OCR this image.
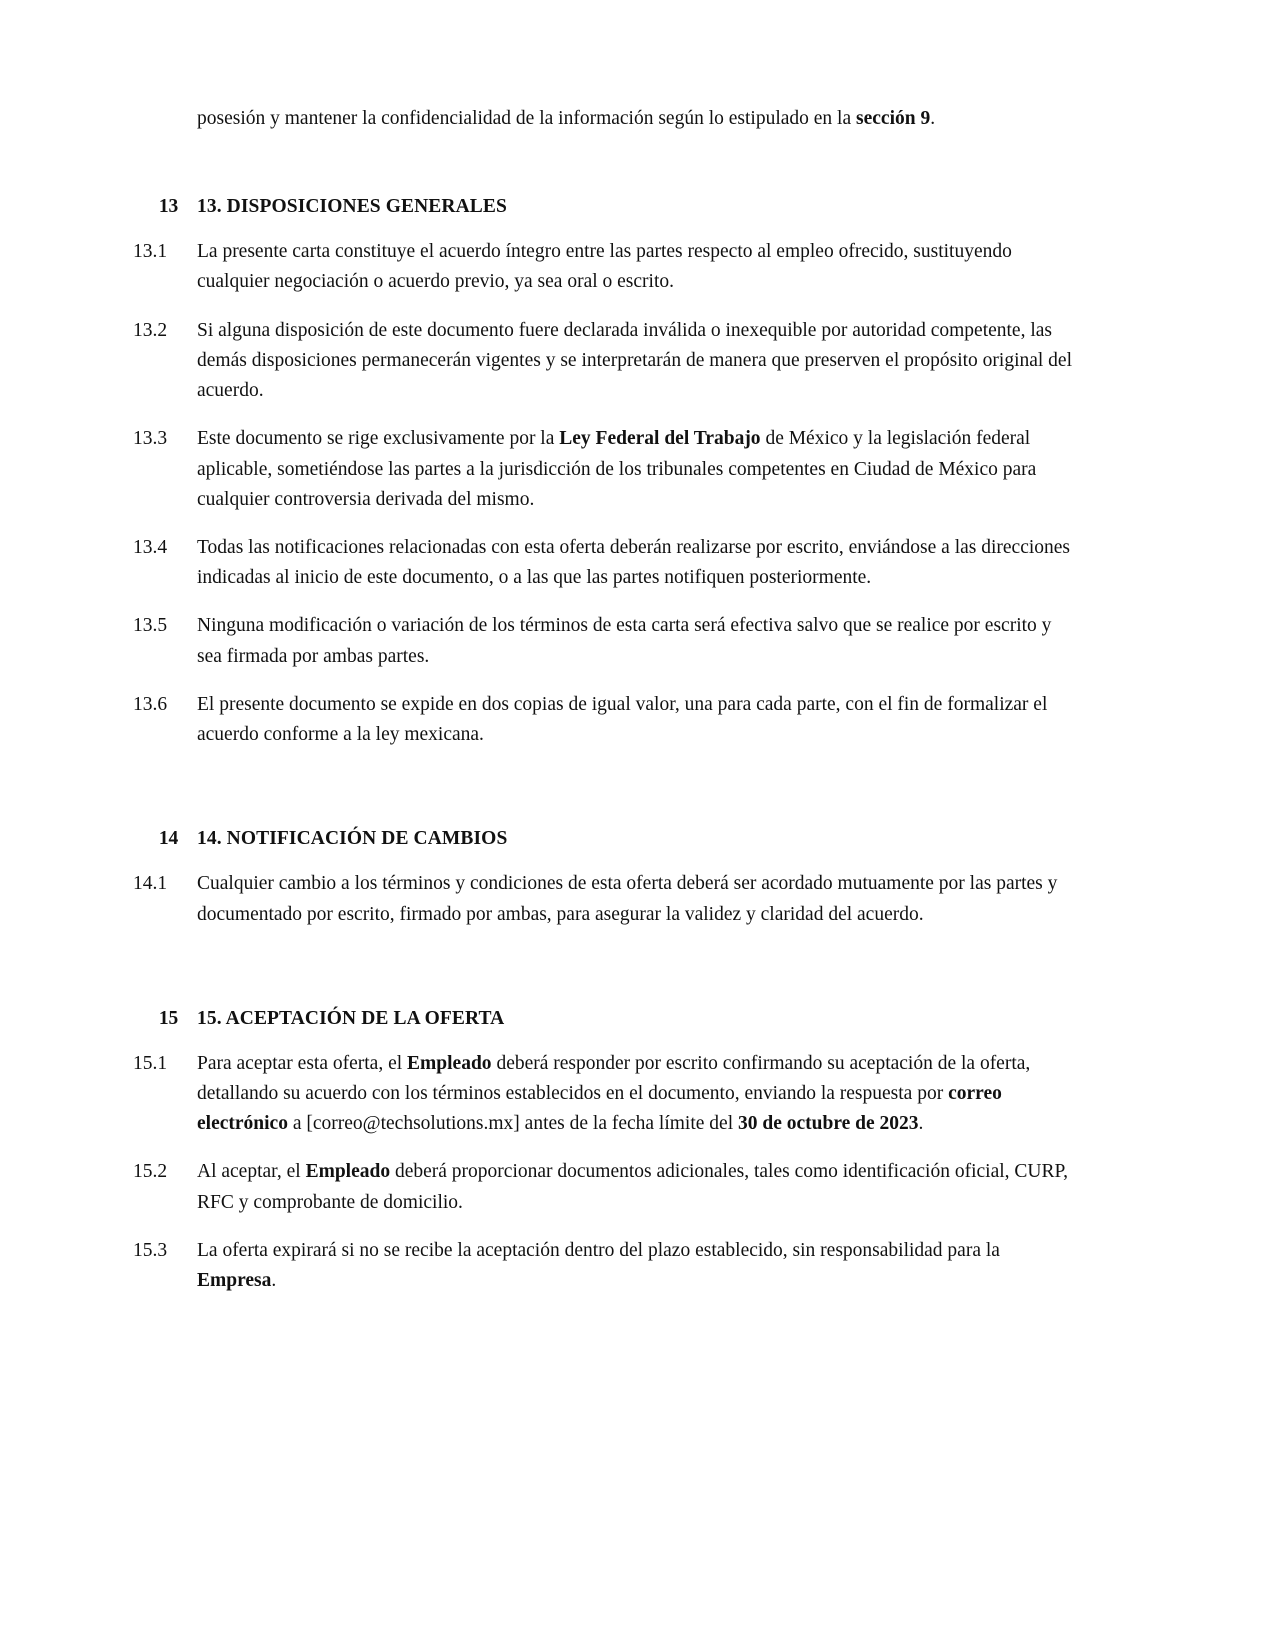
posesión y mantener la confidencialidad de la información según lo estipulado en la sección 9.

13 13. DISPOSICIONES GENERALES
13.1	La presente carta constituye el acuerdo íntegro entre las partes respecto al empleo ofrecido, sustituyendo cualquier negociación o acuerdo previo, ya sea oral o escrito.
13.2	Si alguna disposición de este documento fuere declarada inválida o inexequible por autoridad competente, las demás disposiciones permanecerán vigentes y se interpretarán de manera que preserven el propósito original del acuerdo.
13.3	Este documento se rige exclusivamente por la Ley Federal del Trabajo de México y la legislación federal aplicable, sometiéndose las partes a la jurisdicción de los tribunales competentes en Ciudad de México para cualquier controversia derivada del mismo.
13.4	Todas las notificaciones relacionadas con esta oferta deberán realizarse por escrito, enviándose a las direcciones indicadas al inicio de este documento, o a las que las partes notifiquen posteriormente.
13.5	Ninguna modificación o variación de los términos de esta carta será efectiva salvo que se realice por escrito y sea firmada por ambas partes.
13.6	El presente documento se expide en dos copias de igual valor, una para cada parte, con el fin de formalizar el acuerdo conforme a la ley mexicana.
14 14. NOTIFICACIÓN DE CAMBIOS
14.1	Cualquier cambio a los términos y condiciones de esta oferta deberá ser acordado mutuamente por las partes y documentado por escrito, firmado por ambas, para asegurar la validez y claridad del acuerdo.
15 15. ACEPTACIÓN DE LA OFERTA
15.1	Para aceptar esta oferta, el Empleado deberá responder por escrito confirmando su aceptación de la oferta, detallando su acuerdo con los términos establecidos en el documento, enviando la respuesta por correo electrónico a [correo@techsolutions.mx] antes de la fecha límite del 30 de octubre de 2023.
15.2	Al aceptar, el Empleado deberá proporcionar documentos adicionales, tales como identificación oficial, CURP, RFC y comprobante de domicilio.
15.3	La oferta expirará si no se recibe la aceptación dentro del plazo establecido, sin responsabilidad para la Empresa.
